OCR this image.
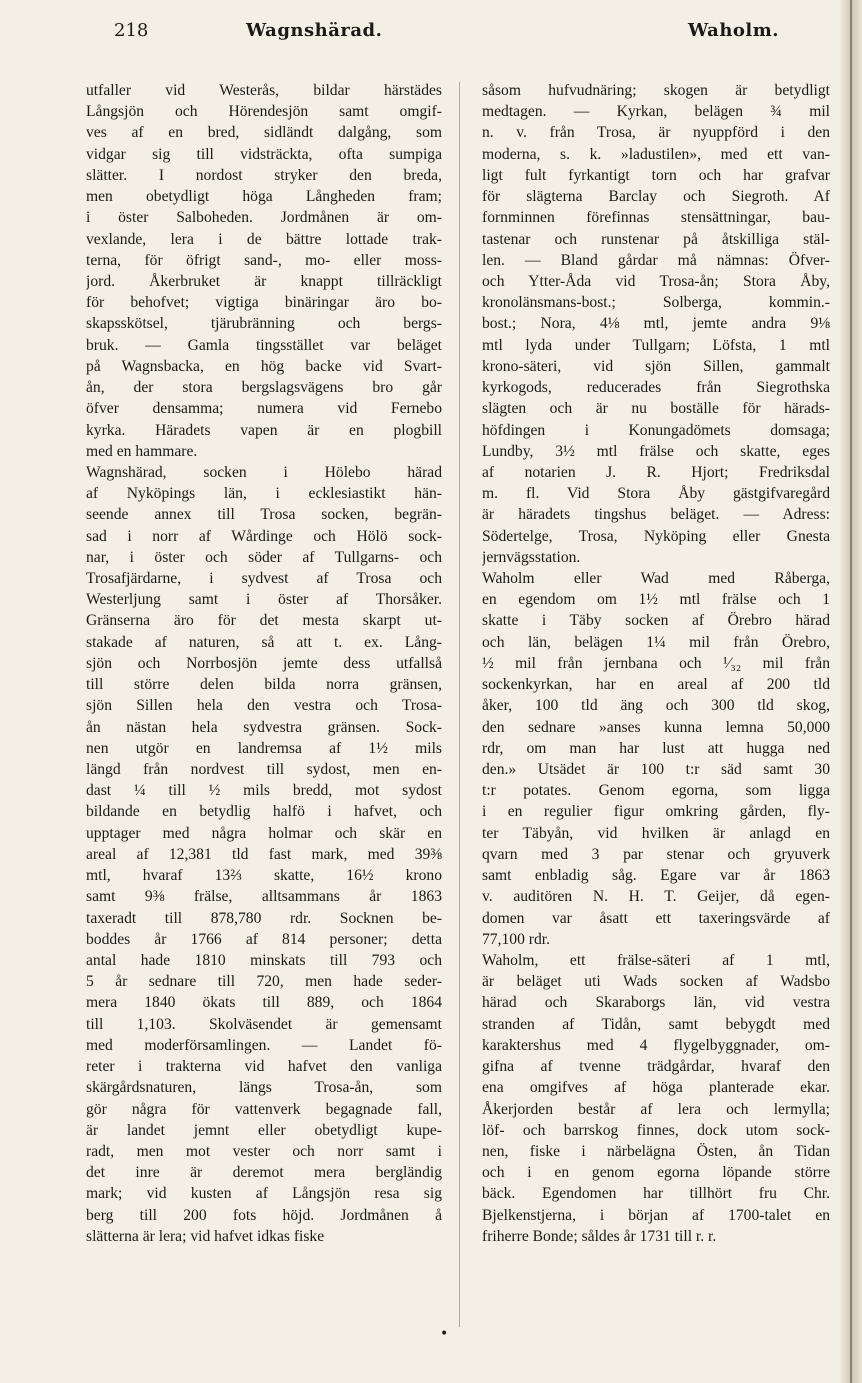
218	Wagnshärad.	Waholm.
utfaller vid Westerås, bildar härstädes
Långsjön och Hörendesjön samt omgif-
ves af en bred, sidländt dalgång, som
vidgar sig till vidsträckta, ofta sumpiga
slätter. I nordost stryker den breda,
men obetydligt höga Långheden fram;
i öster Salboheden. Jordmånen är om-
vexlande, lera i de bättre lottade trak-
terna, för öfrigt sand-, mo- eller moss-
jord. Åkerbruket är knappt tillräckligt
för behofvet; vigtiga binäringar äro bo-
skapsskötsel, tjärubränning och bergs-
bruk. — Gamla tingsstället var beläget
på Wagnsbacka, en hög backe vid Svart-
ån, der stora bergslagsvägens bro går
öfver densamma; numera vid Fernebo
kyrka. Häradets vapen är en plogbill
med en hammare.
Wagnshärad, socken i Hölebo härad
af Nyköpings län, i ecklesiastikt hän-
seende annex till Trosa socken, begrän-
sad i norr af Wårdinge och Hölö sock-
nar, i öster och söder af Tullgarns- och
Trosafjärdarne, i sydvest af Trosa och
Westerljung samt i öster af Thorsåker.
Gränserna äro för det mesta skarpt ut-
stakade af naturen, så att t. ex. Lång-
sjön och Norrbosjön jemte dess utfallså
till större delen bilda norra gränsen,
sjön Sillen hela den vestra och Trosa-
ån nästan hela sydvestra gränsen. Sock-
nen utgör en landremsa af 1½ mils
längd från nordvest till sydost, men en-
dast ¼ till ½ mils bredd, mot sydost
bildande en betydlig halfö i hafvet, och
upptager med några holmar och skär en
areal af 12,381 tld fast mark, med 39⅜
mtl, hvaraf 13⅔ skatte, 16½ krono
samt 9⅜ frälse, alltsammans år 1863
taxeradt till 878,780 rdr. Socknen be-
boddes år 1766 af 814 personer; detta
antal hade 1810 minskats till 793 och
5 år sednare till 720, men hade seder-
mera 1840 ökats till 889, och 1864
till 1,103. Skolväsendet är gemensamt
med moderförsamlingen. — Landet fö-
reter i trakterna vid hafvet den vanliga
skärgårdsnaturen, längs Trosa-ån, som
gör några för vattenverk begagnade fall,
är landet jemnt eller obetydligt kupe-
radt, men mot vester och norr samt i
det inre är deremot mera bergländig
mark; vid kusten af Långsjön resa sig
berg till 200 fots höjd. Jordmånen å
slätterna är lera; vid hafvet idkas fiske
såsom hufvudnäring; skogen är betydligt
medtagen. — Kyrkan, belägen ¾ mil
n. v. från Trosa, är nyuppförd i den
moderna, s. k. »ladustilen», med ett van-
ligt fult fyrkantigt torn och har grafvar
för slägterna Barclay och Siegroth. Af
fornminnen förefinnas stensättningar, bau-
tastenar och runstenar på åtskilliga stäl-
len. — Bland gårdar må nämnas: Öfver-
och Ytter-Åda vid Trosa-ån; Stora Åby,
kronolänsmans-bost.; Solberga, kommin.-
bost.; Nora, 4⅛ mtl, jemte andra 9⅛
mtl lyda under Tullgarn; Löfsta, 1 mtl
krono-säteri, vid sjön Sillen, gammalt
kyrkogods, reducerades från Siegrothska
slägten och är nu boställe för härads-
höfdingen i Konungadömets domsaga;
Lundby, 3½ mtl frälse och skatte, eges
af notarien J. R. Hjort; Fredriksdal
m. fl. Vid Stora Åby gästgifvaregård
är häradets tingshus beläget. — Adress:
Södertelge, Trosa, Nyköping eller Gnesta
jernvägsstation.
Waholm eller Wad med Råberga,
en egendom om 1½ mtl frälse och 1
skatte i Täby socken af Örebro härad
och län, belägen 1¼ mil från Örebro,
½ mil från jernbana och ¹⁄₃₂ mil från
sockenkyrkan, har en areal af 200 tld
åker, 100 tld äng och 300 tld skog,
den sednare »anses kunna lemna 50,000
rdr, om man har lust att hugga ned
den.» Utsädet är 100 t:r säd samt 30
t:r potates. Genom egorna, som ligga
i en regulier figur omkring gården, fly-
ter Täbyån, vid hvilken är anlagd en
qvarn med 3 par stenar och gryuverk
samt enbladig såg. Egare var år 1863
v. auditören N. H. T. Geijer, då egen-
domen var åsatt ett taxeringsvärde af
77,100 rdr.
Waholm, ett frälse-säteri af 1 mtl,
är beläget uti Wads socken af Wadsbo
härad och Skaraborgs län, vid vestra
stranden af Tidån, samt bebygdt med
karaktershus med 4 flygelbyggnader, om-
gifna af tvenne trädgårdar, hvaraf den
ena omgifves af höga planterade ekar.
Åkerjorden består af lera och lermylla;
löf- och barrskog finnes, dock utom sock-
nen, fiske i närbelägna Östen, ån Tidan
och i en genom egorna löpande större
bäck. Egendomen har tillhört fru Chr.
Bjelkenstjerna, i början af 1700-talet en
friherre Bonde; såldes år 1731 till r. r.
•
